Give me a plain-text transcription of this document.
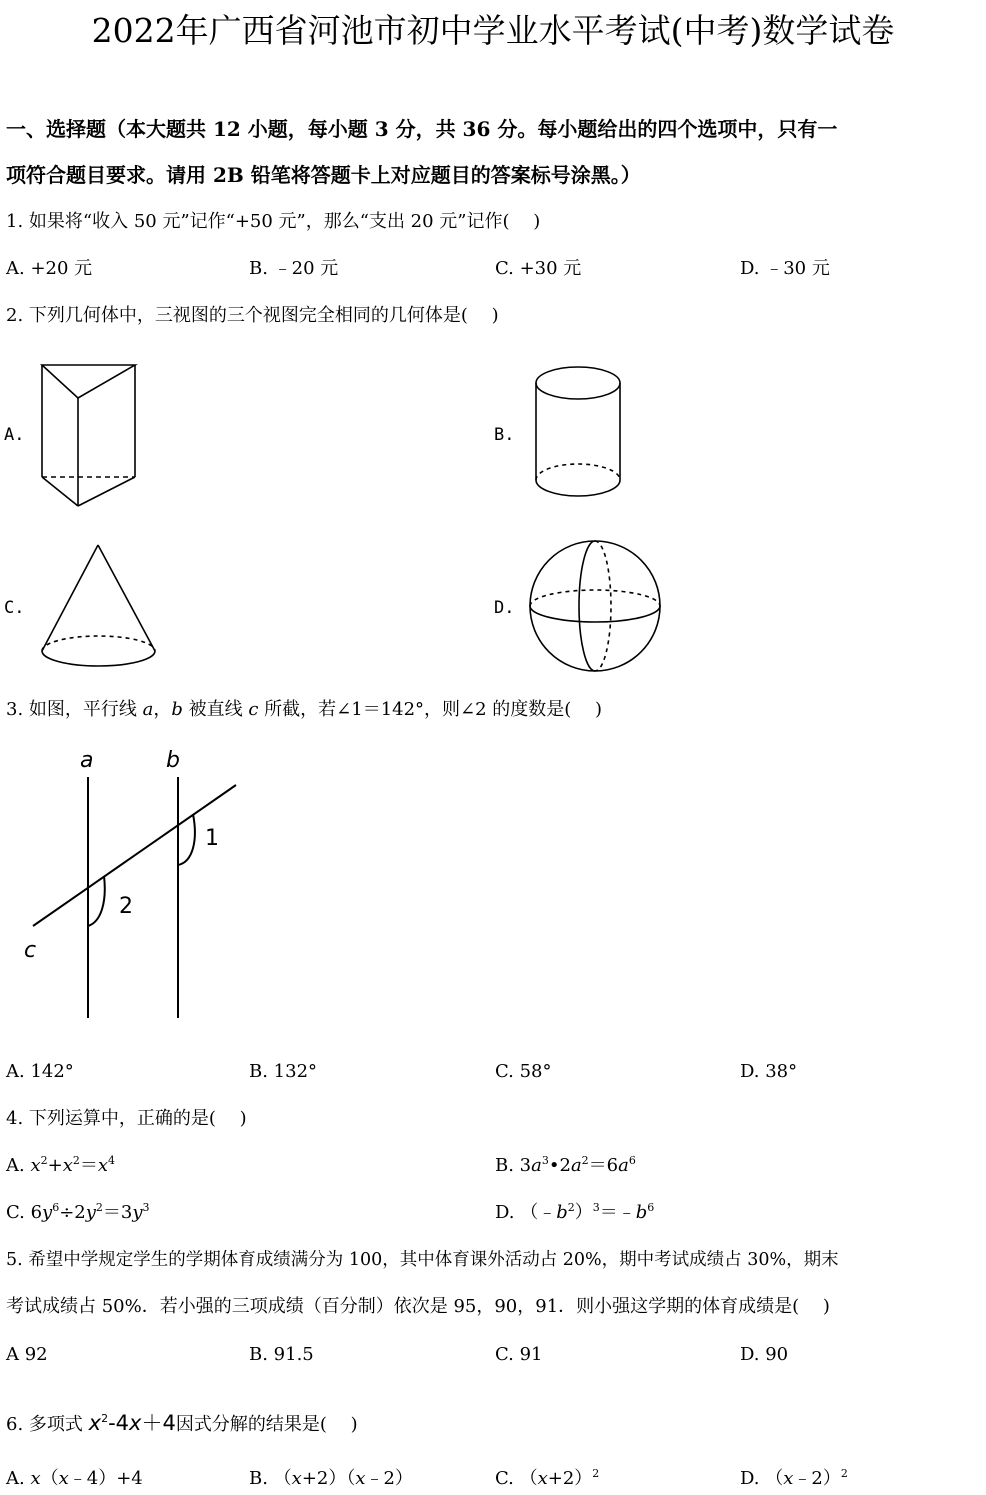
2022年广西省河池市初中学业水平考试(中考)数学试卷
一、选择题（本大题共 12 小题，每小题 3 分，共 36 分。每小题给出的四个选项中，只有一
项符合题目要求。请用 2B 铅笔将答题卡上对应题目的答案标号涂黑。）
1. 如果将“收入 50 元”记作“+50 元”，那么“支出 20 元”记作(　 )
A. +20 元	B. ﹣20 元	C. +30 元	D. ﹣30 元
2. 下列几何体中，三视图的三个视图完全相同的几何体是(　 )
A.	B.
C.	D.
3. 如图，平行线 a，b 被直线 c 所截，若∠1＝142°，则∠2 的度数是(　 )
a	b
c
1
2
A. 142°	B. 132°	C. 58°	D. 38°
4. 下列运算中，正确的是(　 )
A. $x^2+x^2=x^4$	B. $3a^3•2a^2=6a^6$
C. $6y^6\div 2y^2=3y^3$	D. $(﹣b^2)^3=﹣b^6$
5. 希望中学规定学生的学期体育成绩满分为 100，其中体育课外活动占 20%，期中考试成绩占 30%，期末
考试成绩占 50%．若小强的三项成绩（百分制）依次是 95，90，91．则小强这学期的体育成绩是(　 )
A 92	B. 91.5	C. 91	D. 90
6. 多项式 $x^2-4x+4$因式分解的结果是(　 )
A. x（x﹣4）+4	B. （x+2）（x﹣2）	C. $(x+2)^2$	D. （x﹣2）$^2$
